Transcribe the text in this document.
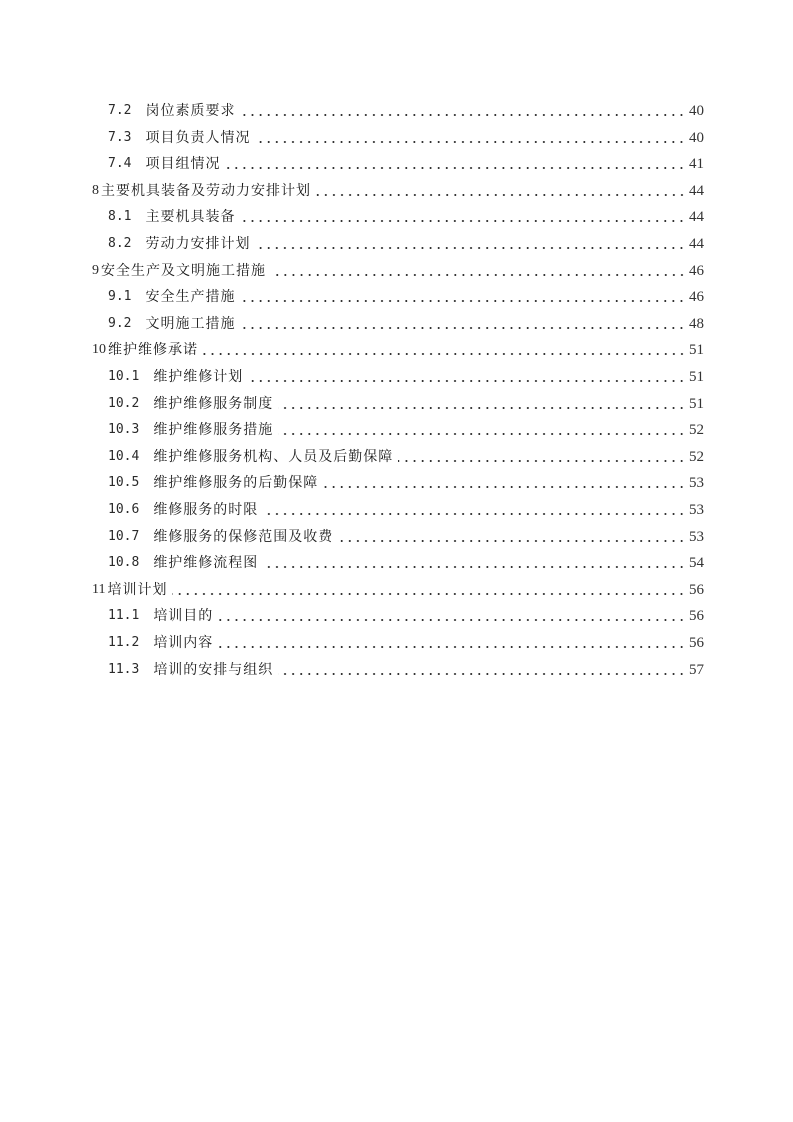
7.2 岗位素质要求	40
7.3 项目负责人情况	40
7.4 项目组情况	41
8 主要机具装备及劳动力安排计划	44
8.1 主要机具装备	44
8.2 劳动力安排计划	44
9 安全生产及文明施工措施	46
9.1 安全生产措施	46
9.2 文明施工措施	48
10 维护维修承诺	51
10.1 维护维修计划	51
10.2 维护维修服务制度	51
10.3 维护维修服务措施	52
10.4 维护维修服务机构、人员及后勤保障	52
10.5 维护维修服务的后勤保障	53
10.6 维修服务的时限	53
10.7 维修服务的保修范围及收费	53
10.8 维护维修流程图	54
11 培训计划	56
11.1 培训目的	56
11.2 培训内容	56
11.3 培训的安排与组织	57
